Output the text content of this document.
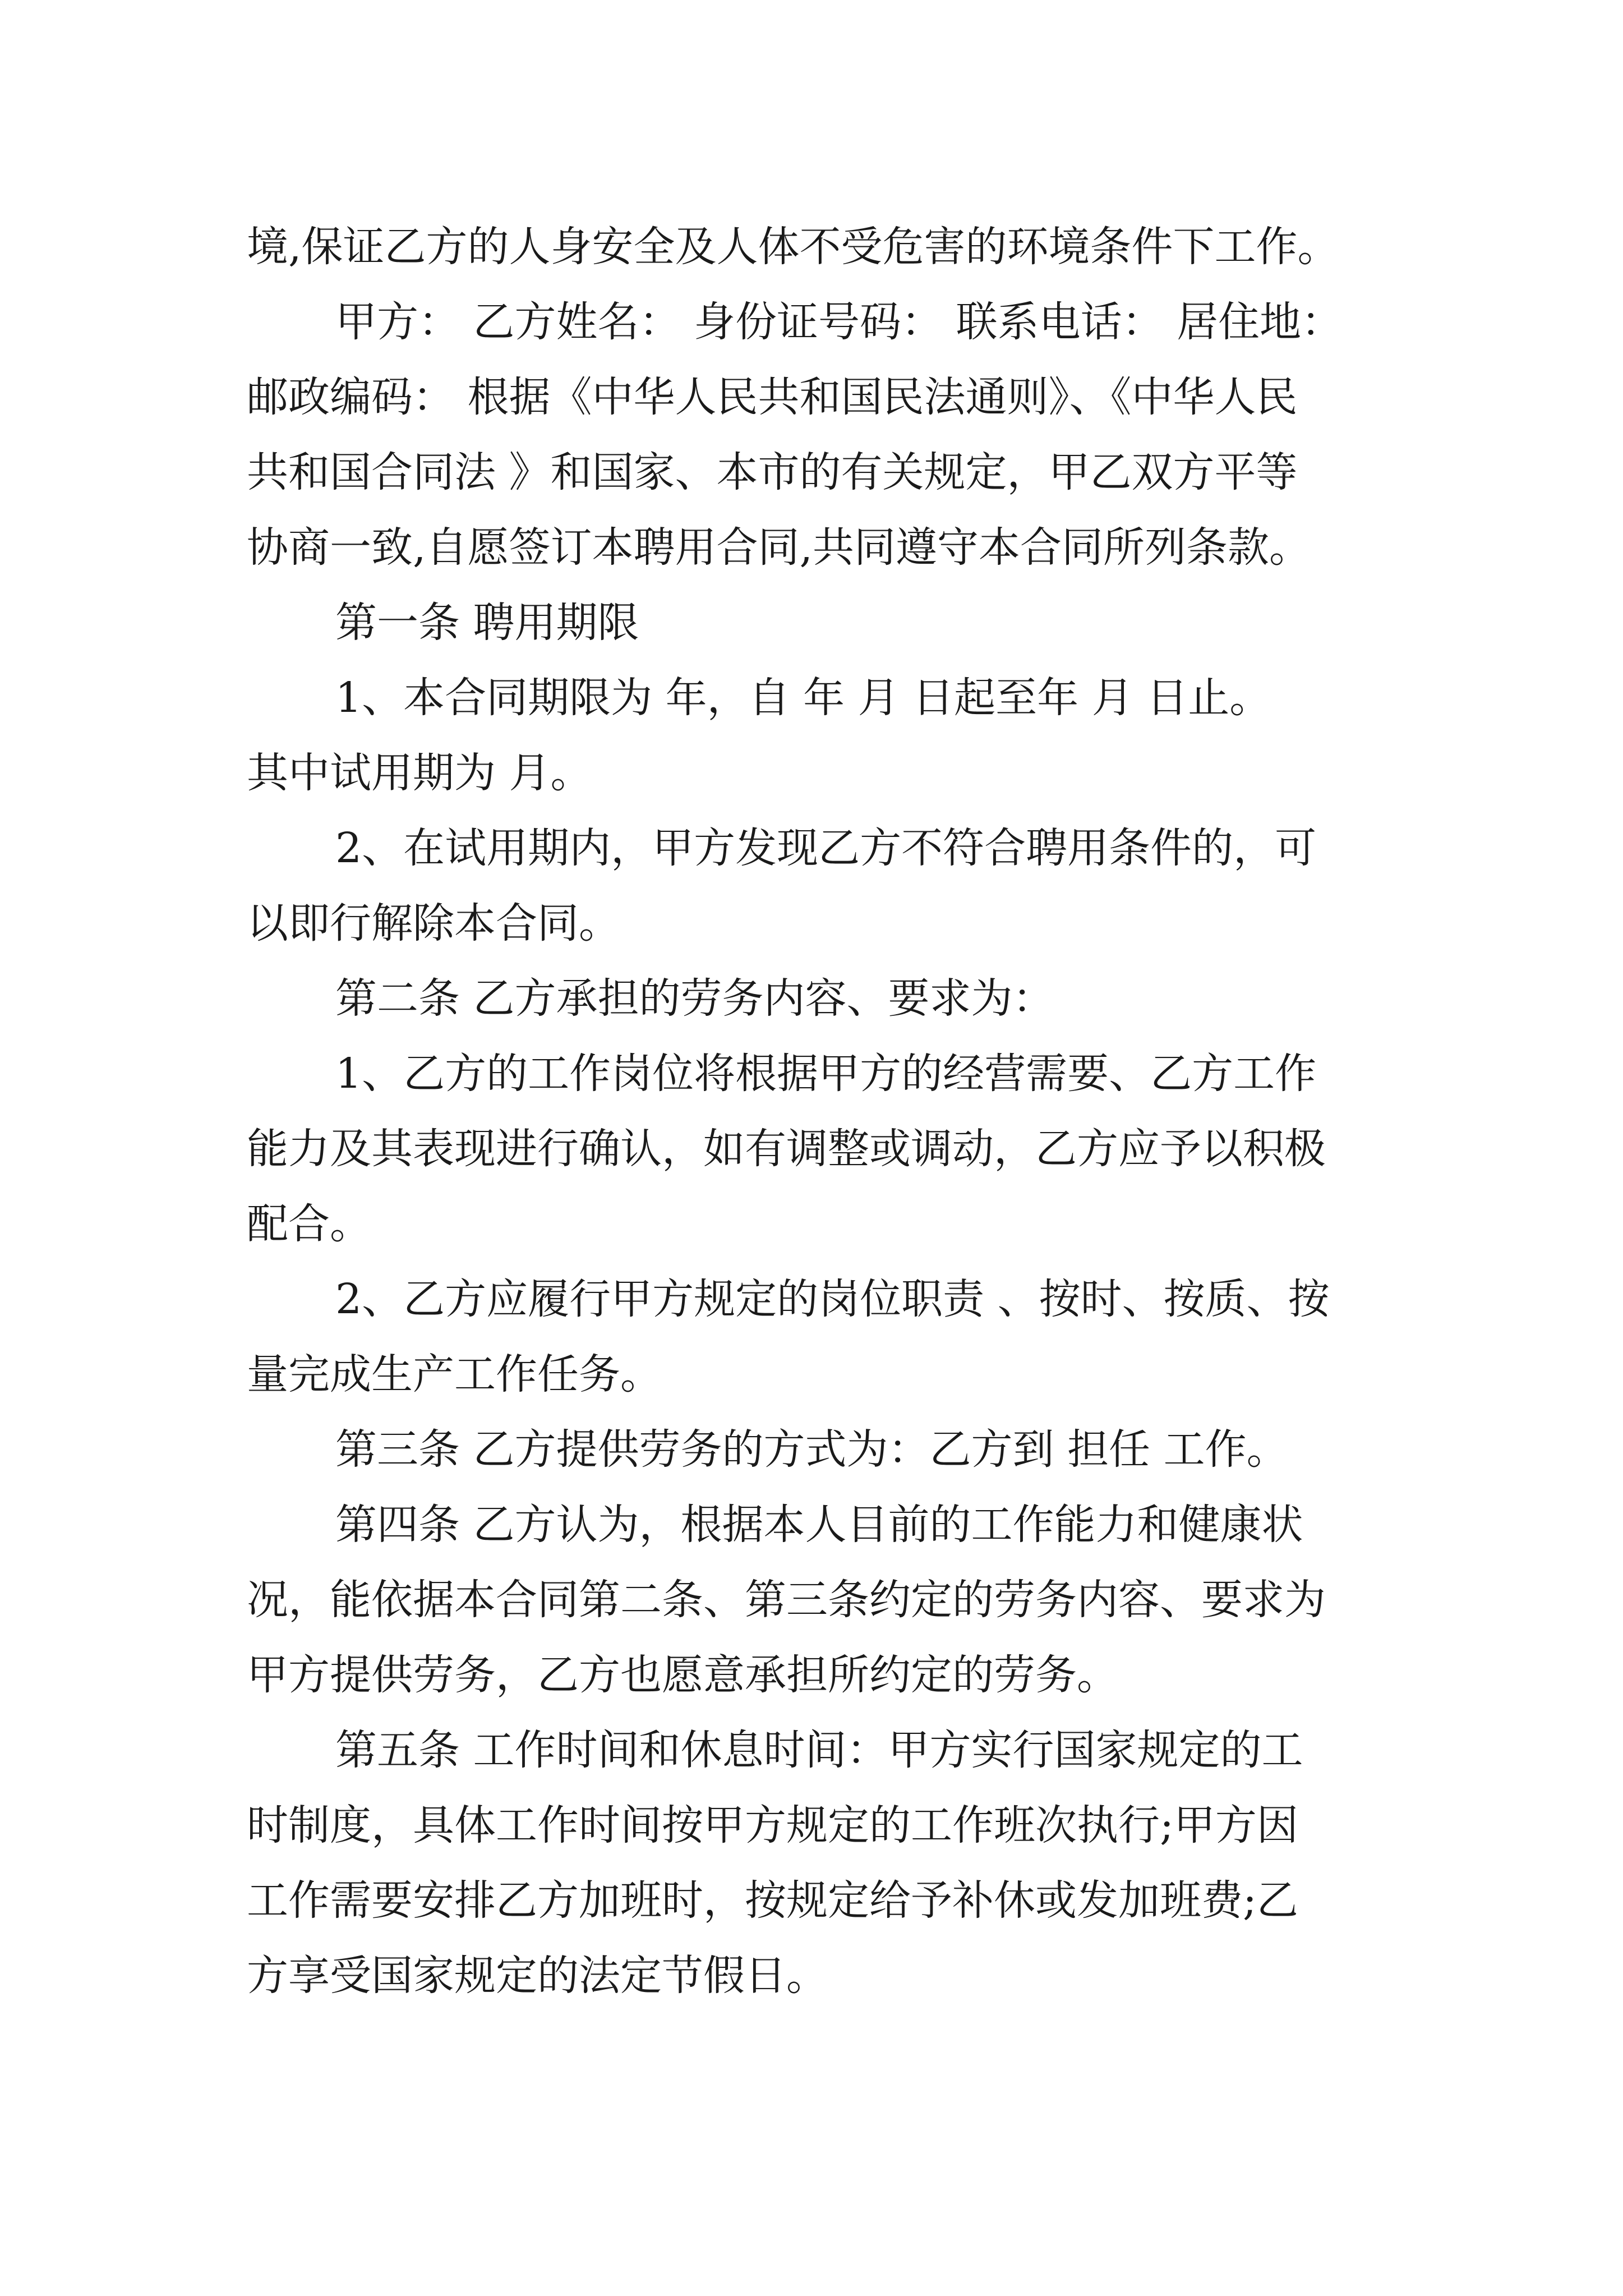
境,保证乙方的人身安全及人体不受危害的环境条件下工作。
甲方： 乙方姓名： 身份证号码： 联系电话： 居住地：
邮政编码： 根据《中华人民共和国民法通则》、《中华人民
共和国合同法 》和国家、本市的有关规定，甲乙双方平等
协商一致,自愿签订本聘用合同,共同遵守本合同所列条款。
第一条 聘用期限
1、本合同期限为 年，自 年 月 日起至年 月 日止。
其中试用期为 月。
2、在试用期内，甲方发现乙方不符合聘用条件的，可
以即行解除本合同。
第二条 乙方承担的劳务内容、要求为：
1、乙方的工作岗位将根据甲方的经营需要、乙方工作
能力及其表现进行确认，如有调整或调动，乙方应予以积极
配合。
2、乙方应履行甲方规定的岗位职责 、按时、按质、按
量完成生产工作任务。
第三条 乙方提供劳务的方式为：乙方到 担任 工作。
第四条 乙方认为，根据本人目前的工作能力和健康状
况，能依据本合同第二条、第三条约定的劳务内容、要求为
甲方提供劳务，乙方也愿意承担所约定的劳务。
第五条 工作时间和休息时间：甲方实行国家规定的工
时制度，具体工作时间按甲方规定的工作班次执行;甲方因
工作需要安排乙方加班时，按规定给予补休或发加班费;乙
方享受国家规定的法定节假日。
